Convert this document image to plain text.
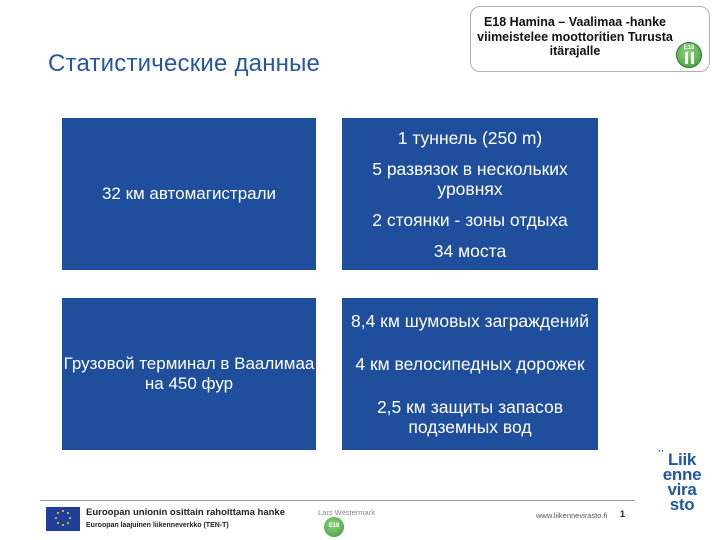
Статистические данные
E18 Hamina – Vaalimaa -hanke viimeistelee moottoritien Turusta itärajalle	E18
32 км автомагистрали
1 туннель (250 m)
5 развязок в нескольких уровнях
2 стоянки - зоны отдыха
34 моста
Грузовой терминал в Ваалимаа на 450 фур
8,4 км шумовых заграждений
4 км велосипедных дорожек
2,5 км защиты запасов подземных вод
·· Liik
enne
vira
sto
Euroopan unionin osittain rahoittama hanke
Euroopan laajuinen liikenneverkko (TEN-T)
Lars Westermark
E18
www.liikennevirasto.fi 1
